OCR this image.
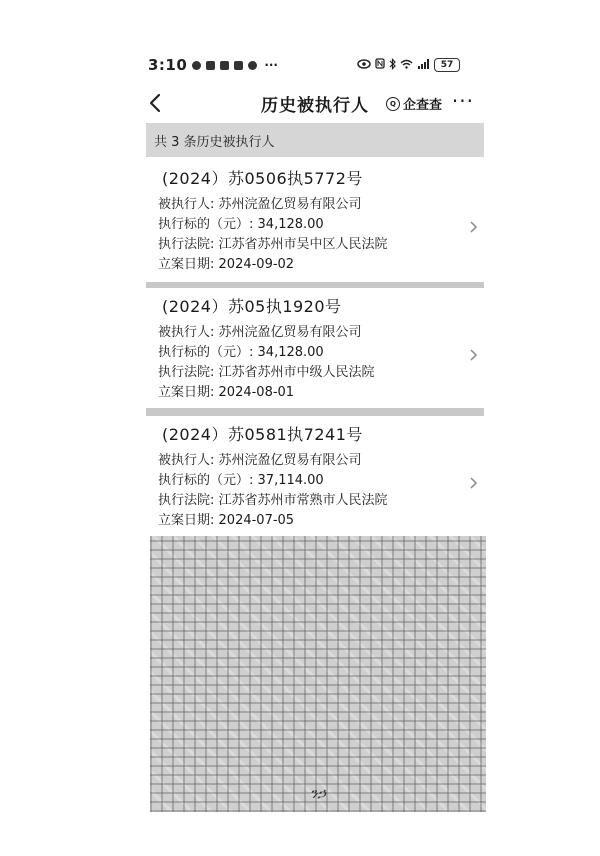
3:10	···	57
历史被执行人	Q 企查查 ···
共 3 条历史被执行人
(2024）苏0506执5772号
被执行人: 苏州浣盈亿贸易有限公司
执行标的（元）: 34,128.00
执行法院: 江苏省苏州市吴中区人民法院
立案日期: 2024-09-02
(2024）苏05执1920号
被执行人: 苏州浣盈亿贸易有限公司
执行标的（元）: 34,128.00
执行法院: 江苏省苏州市中级人民法院
立案日期: 2024-08-01
(2024）苏0581执7241号
被执行人: 苏州浣盈亿贸易有限公司
执行标的（元）: 37,114.00
执行法院: 江苏省苏州市常熟市人民法院
立案日期: 2024-07-05
ንኃ
